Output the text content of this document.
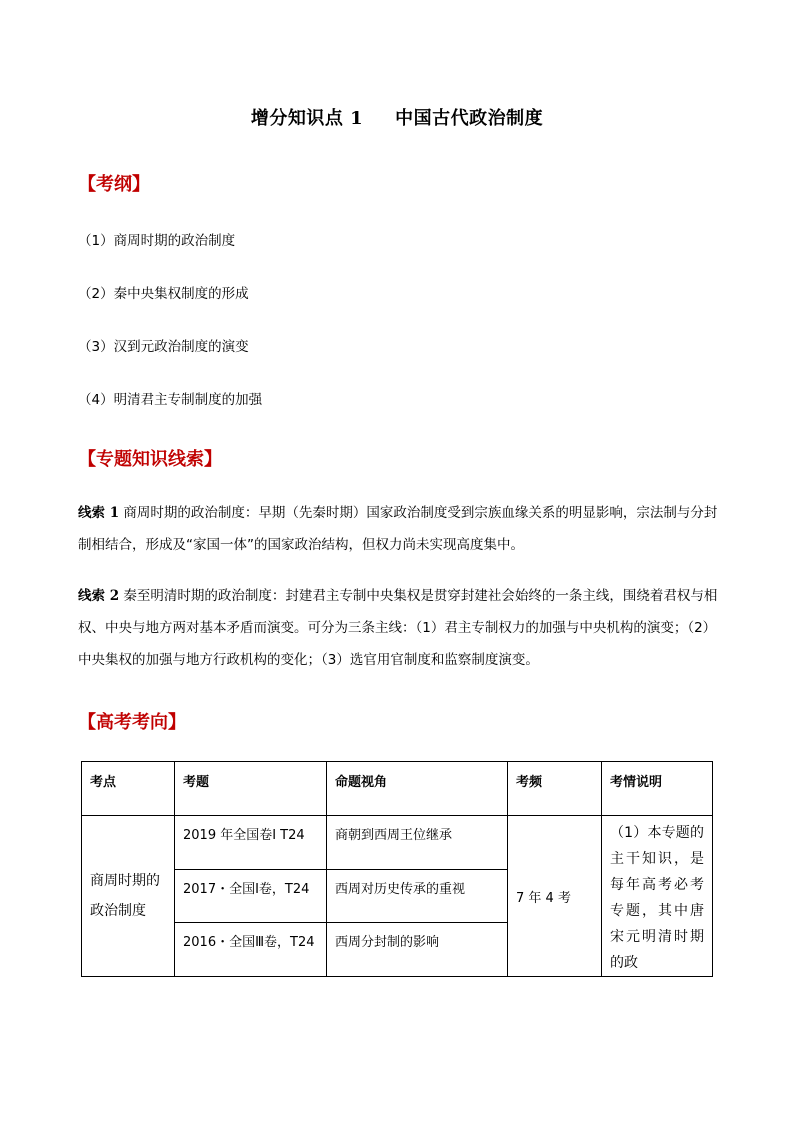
增分知识点 1 中国古代政治制度
【考纲】
（1）商周时期的政治制度
（2）秦中央集权制度的形成
（3）汉到元政治制度的演变
（4）明清君主专制制度的加强
【专题知识线索】
线索 1 商周时期的政治制度：早期（先秦时期）国家政治制度受到宗族血缘关系的明显影响，宗法制与分封制相结合，形成及“家国一体”的国家政治结构，但权力尚未实现高度集中。
线索 2 秦至明清时期的政治制度：封建君主专制中央集权是贯穿封建社会始终的一条主线，围绕着君权与相权、中央与地方两对基本矛盾而演变。可分为三条主线：（1）君主专制权力的加强与中央机构的演变；（2）中央集权的加强与地方行政机构的变化；（3）选官用官制度和监察制度演变。
【高考考向】
考点	考题	命题视角	考频	考情说明
商周时期的政治制度	2019 年全国卷Ⅰ T24	商朝到西周王位继承	7 年 4 考	（1）本专题的主干知识，是每年高考必考专题，其中唐宋元明清时期的政
	2017・全国Ⅰ卷，T24	西周对历史传承的重视		
	2016・全国Ⅲ卷，T24	西周分封制的影响		
